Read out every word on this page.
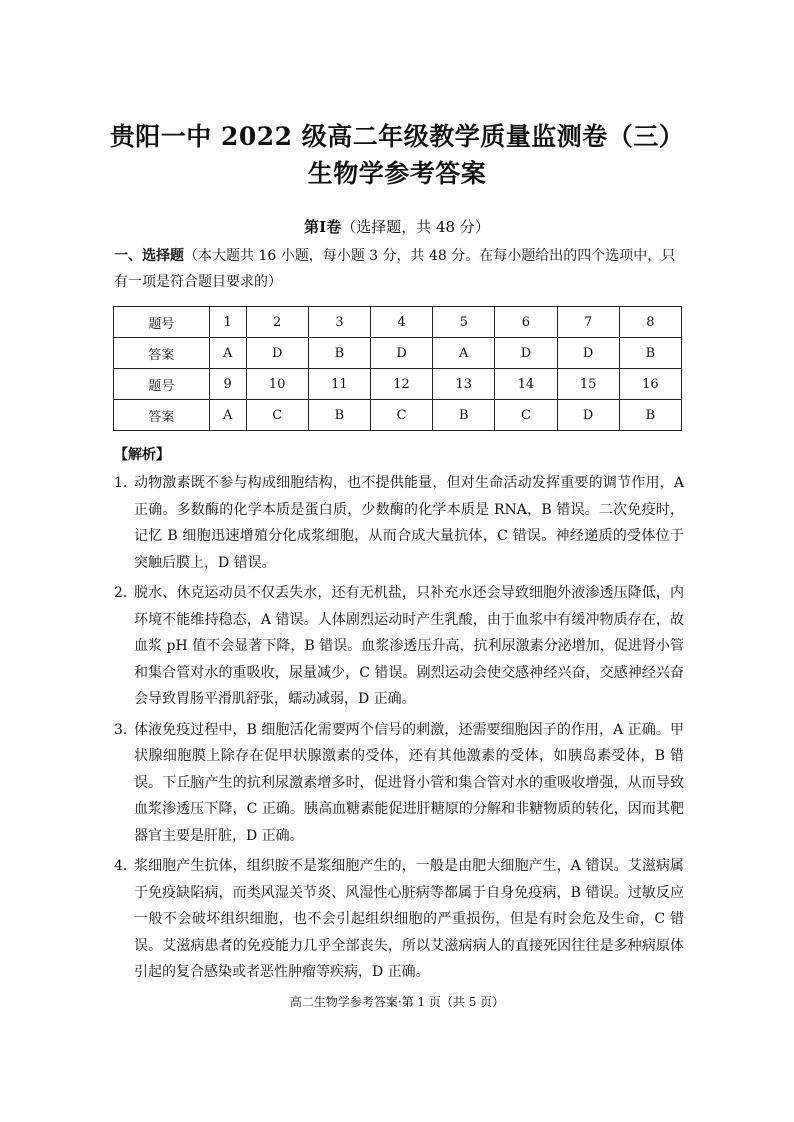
贵阳一中 2022 级高二年级教学质量监测卷（三）
生物学参考答案
第Ⅰ卷（选择题，共 48 分）
一、选择题（本大题共 16 小题，每小题 3 分，共 48 分。在每小题给出的四个选项中，只有一项是符合题目要求的）
题号	1	2	3	4	5	6	7	8
答案	A	D	B	D	A	D	D	B
题号	9	10	11	12	13	14	15	16
答案	A	C	B	C	B	C	D	B
【解析】
1．
动物激素既不参与构成细胞结构，也不提供能量，但对生命活动发挥重要的调节作用，A 正确。多数酶的化学本质是蛋白质，少数酶的化学本质是 RNA，B 错误。二次免疫时，记忆 B 细胞迅速增殖分化成浆细胞，从而合成大量抗体，C 错误。神经递质的受体位于突触后膜上，D 错误。
2．
脱水、休克运动员不仅丢失水，还有无机盐，只补充水还会导致细胞外液渗透压降低，内环境不能维持稳态，A 错误。人体剧烈运动时产生乳酸，由于血浆中有缓冲物质存在，故血浆 pH 值不会显著下降，B 错误。血浆渗透压升高，抗利尿激素分泌增加，促进肾小管和集合管对水的重吸收，尿量减少，C 错误。剧烈运动会使交感神经兴奋，交感神经兴奋会导致胃肠平滑肌舒张，蠕动减弱，D 正确。
3．
体液免疫过程中，B 细胞活化需要两个信号的刺激，还需要细胞因子的作用，A 正确。甲状腺细胞膜上除存在促甲状腺激素的受体，还有其他激素的受体，如胰岛素受体，B 错误。下丘脑产生的抗利尿激素增多时，促进肾小管和集合管对水的重吸收增强，从而导致血浆渗透压下降，C 正确。胰高血糖素能促进肝糖原的分解和非糖物质的转化，因而其靶器官主要是肝脏，D 正确。
4．
浆细胞产生抗体，组织胺不是浆细胞产生的，一般是由肥大细胞产生，A 错误。艾滋病属于免疫缺陷病，而类风湿关节炎、风湿性心脏病等都属于自身免疫病，B 错误。过敏反应一般不会破坏组织细胞，也不会引起组织细胞的严重损伤，但是有时会危及生命，C 错误。艾滋病患者的免疫能力几乎全部丧失，所以艾滋病病人的直接死因往往是多种病原体引起的复合感染或者恶性肿瘤等疾病，D 正确。
高二生物学参考答案·第 1 页（共 5 页）
